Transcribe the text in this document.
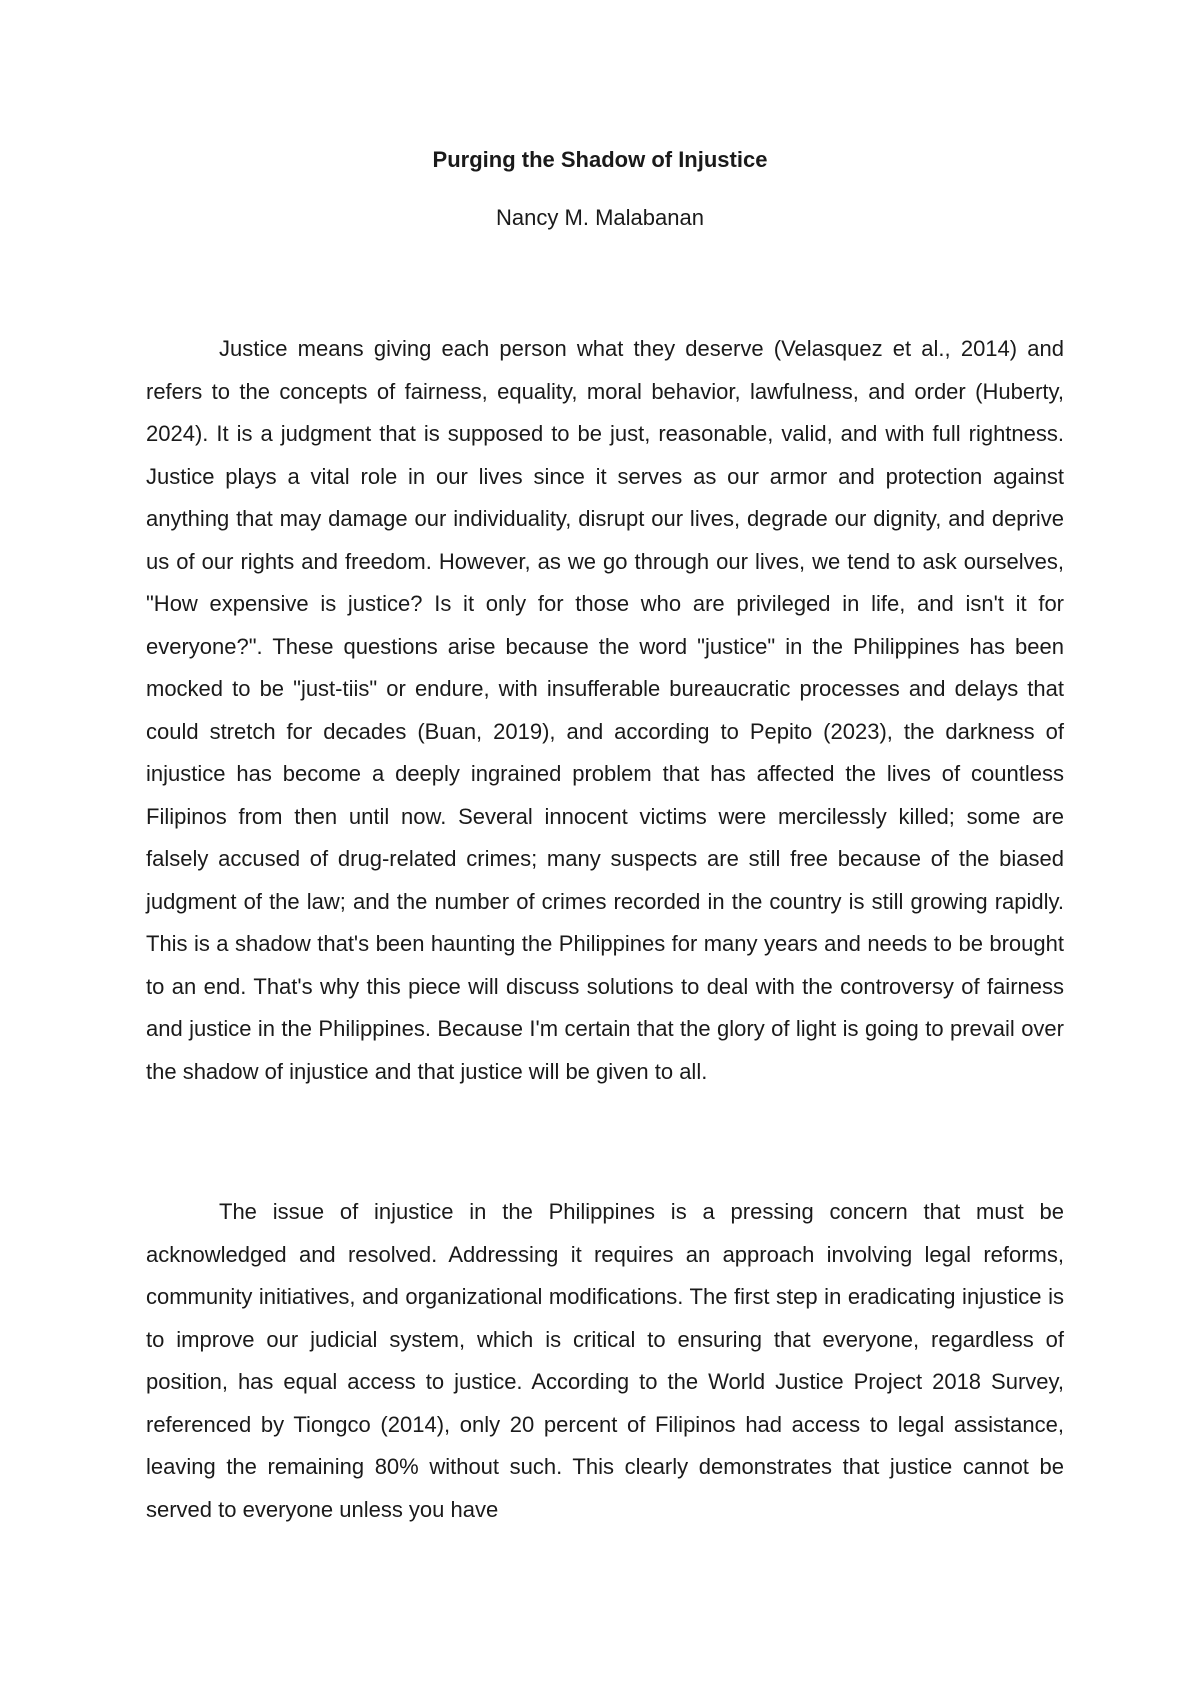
Purging the Shadow of Injustice

Nancy M. Malabanan

Justice means giving each person what they deserve (Velasquez et al., 2014) and refers to the concepts of fairness, equality, moral behavior, lawfulness, and order (Huberty, 2024). It is a judgment that is supposed to be just, reasonable, valid, and with full rightness. Justice plays a vital role in our lives since it serves as our armor and protection against anything that may damage our individuality, disrupt our lives, degrade our dignity, and deprive us of our rights and freedom. However, as we go through our lives, we tend to ask ourselves, "How expensive is justice? Is it only for those who are privileged in life, and isn't it for everyone?". These questions arise because the word "justice" in the Philippines has been mocked to be "just-tiis" or endure, with insufferable bureaucratic processes and delays that could stretch for decades (Buan, 2019), and according to Pepito (2023), the darkness of injustice has become a deeply ingrained problem that has affected the lives of countless Filipinos from then until now. Several innocent victims were mercilessly killed; some are falsely accused of drug-related crimes; many suspects are still free because of the biased judgment of the law; and the number of crimes recorded in the country is still growing rapidly. This is a shadow that's been haunting the Philippines for many years and needs to be brought to an end. That's why this piece will discuss solutions to deal with the controversy of fairness and justice in the Philippines. Because I'm certain that the glory of light is going to prevail over the shadow of injustice and that justice will be given to all.

The issue of injustice in the Philippines is a pressing concern that must be acknowledged and resolved. Addressing it requires an approach involving legal reforms, community initiatives, and organizational modifications. The first step in eradicating injustice is to improve our judicial system, which is critical to ensuring that everyone, regardless of position, has equal access to justice. According to the World Justice Project 2018 Survey, referenced by Tiongco (2014), only 20 percent of Filipinos had access to legal assistance, leaving the remaining 80% without such. This clearly demonstrates that justice cannot be served to everyone unless you have
